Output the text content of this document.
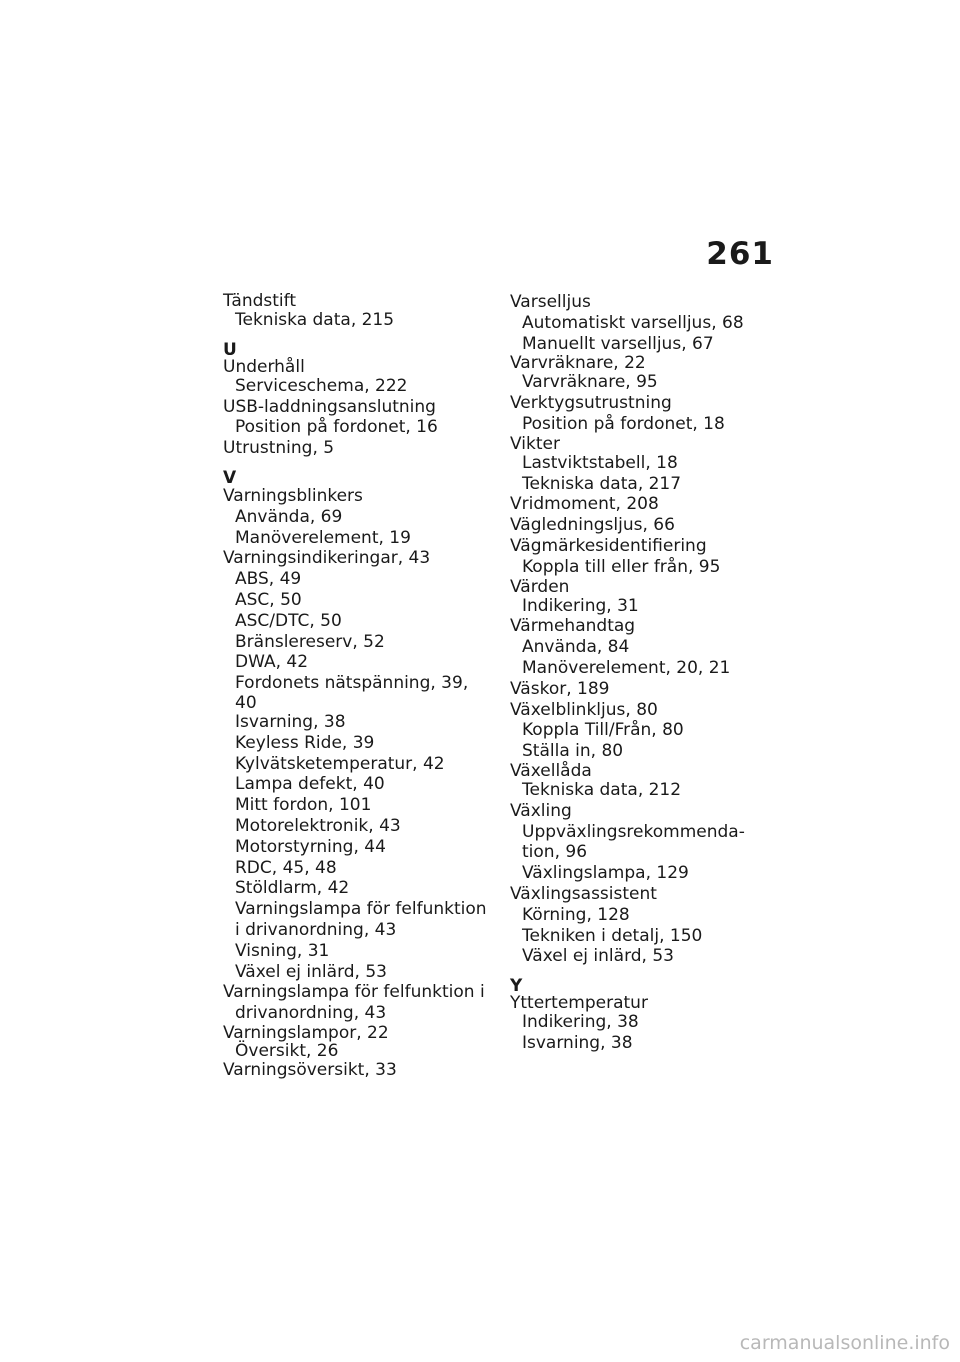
261
Tändstift
Tekniska data, 215
U
Underhåll
Serviceschema, 222
USB-laddningsanslutning
Position på fordonet, 16
Utrustning, 5
V
Varningsblinkers
Använda, 69
Manöverelement, 19
Varningsindikeringar, 43
ABS, 49
ASC, 50
ASC/DTC, 50
Bränslereserv, 52
DWA, 42
Fordonets nätspänning, 39,
40
Isvarning, 38
Keyless Ride, 39
Kylvätsketemperatur, 42
Lampa defekt, 40
Mitt fordon, 101
Motorelektronik, 43
Motorstyrning, 44
RDC, 45, 48
Stöldlarm, 42
Varningslampa för felfunktion
i drivanordning, 43
Visning, 31
Växel ej inlärd, 53
Varningslampa för felfunktion i
drivanordning, 43
Varningslampor, 22
Översikt, 26
Varningsöversikt, 33
Varselljus
Automatiskt varselljus, 68
Manuellt varselljus, 67
Varvräknare, 22
Varvräknare, 95
Verktygsutrustning
Position på fordonet, 18
Vikter
Lastviktstabell, 18
Tekniska data, 217
Vridmoment, 208
Vägledningsljus, 66
Vägmärkesidentifiering
Koppla till eller från, 95
Värden
Indikering, 31
Värmehandtag
Använda, 84
Manöverelement, 20, 21
Väskor, 189
Växelblinkljus, 80
Koppla Till/Från, 80
Ställa in, 80
Växellåda
Tekniska data, 212
Växling
Uppväxlingsrekommenda-
tion, 96
Växlingslampa, 129
Växlingsassistent
Körning, 128
Tekniken i detalj, 150
Växel ej inlärd, 53
Y
Yttertemperatur
Indikering, 38
Isvarning, 38
carmanualsonline.info
